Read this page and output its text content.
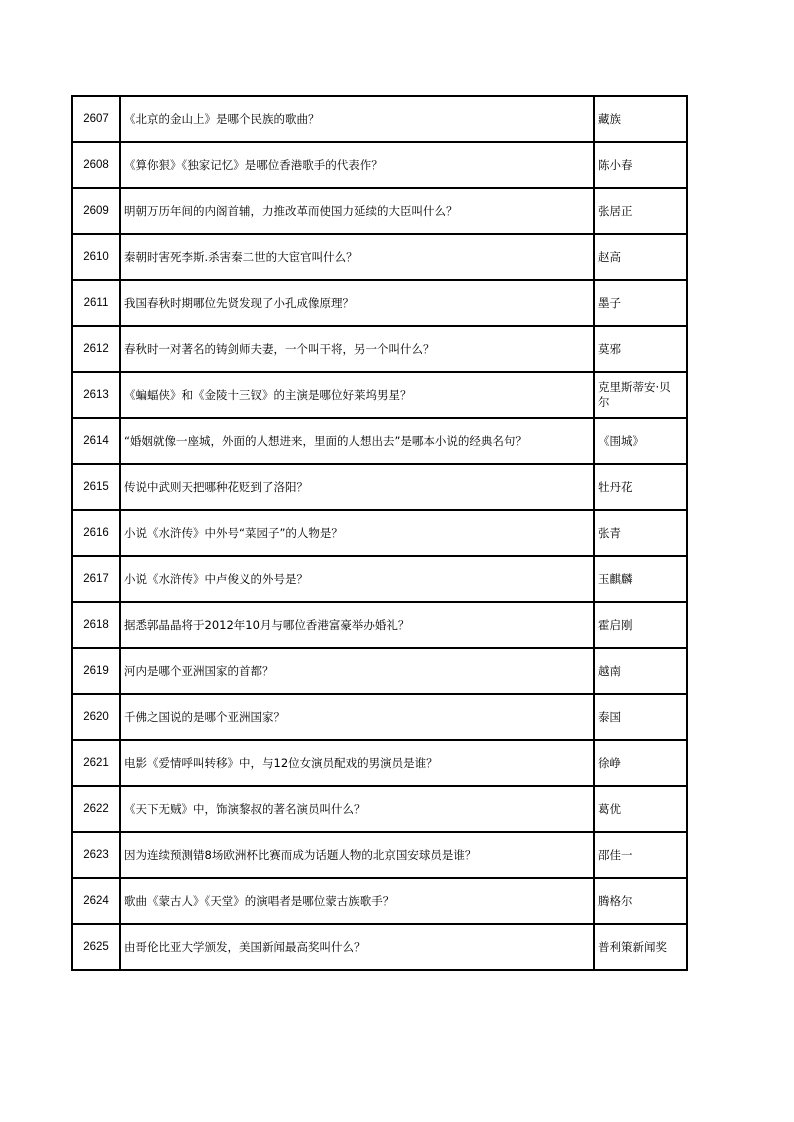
2607	《北京的金山上》是哪个民族的歌曲？	藏族
2608	《算你狠》《独家记忆》是哪位香港歌手的代表作？	陈小春
2609	明朝万历年间的内阁首辅，力推改革而使国力延续的大臣叫什么？	张居正
2610	秦朝时害死李斯.杀害秦二世的大宦官叫什么？	赵高
2611	我国春秋时期哪位先贤发现了小孔成像原理？	墨子
2612	春秋时一对著名的铸剑师夫妻，一个叫干将，另一个叫什么？	莫邪
2613	《蝙蝠侠》和《金陵十三钗》的主演是哪位好莱坞男星？	克里斯蒂安·贝尔
2614	“婚姻就像一座城，外面的人想进来，里面的人想出去”是哪本小说的经典名句？	《围城》
2615	传说中武则天把哪种花贬到了洛阳？	牡丹花
2616	小说《水浒传》中外号“菜园子”的人物是？	张青
2617	小说《水浒传》中卢俊义的外号是？	玉麒麟
2618	据悉郭晶晶将于2012年10月与哪位香港富豪举办婚礼？	霍启刚
2619	河内是哪个亚洲国家的首都？	越南
2620	千佛之国说的是哪个亚洲国家？	泰国
2621	电影《爱情呼叫转移》中，与12位女演员配戏的男演员是谁？	徐峥
2622	《天下无贼》中，饰演黎叔的著名演员叫什么？	葛优
2623	因为连续预测错8场欧洲杯比赛而成为话题人物的北京国安球员是谁？	邵佳一
2624	歌曲《蒙古人》《天堂》的演唱者是哪位蒙古族歌手？	腾格尔
2625	由哥伦比亚大学颁发，美国新闻最高奖叫什么？	普利策新闻奖
